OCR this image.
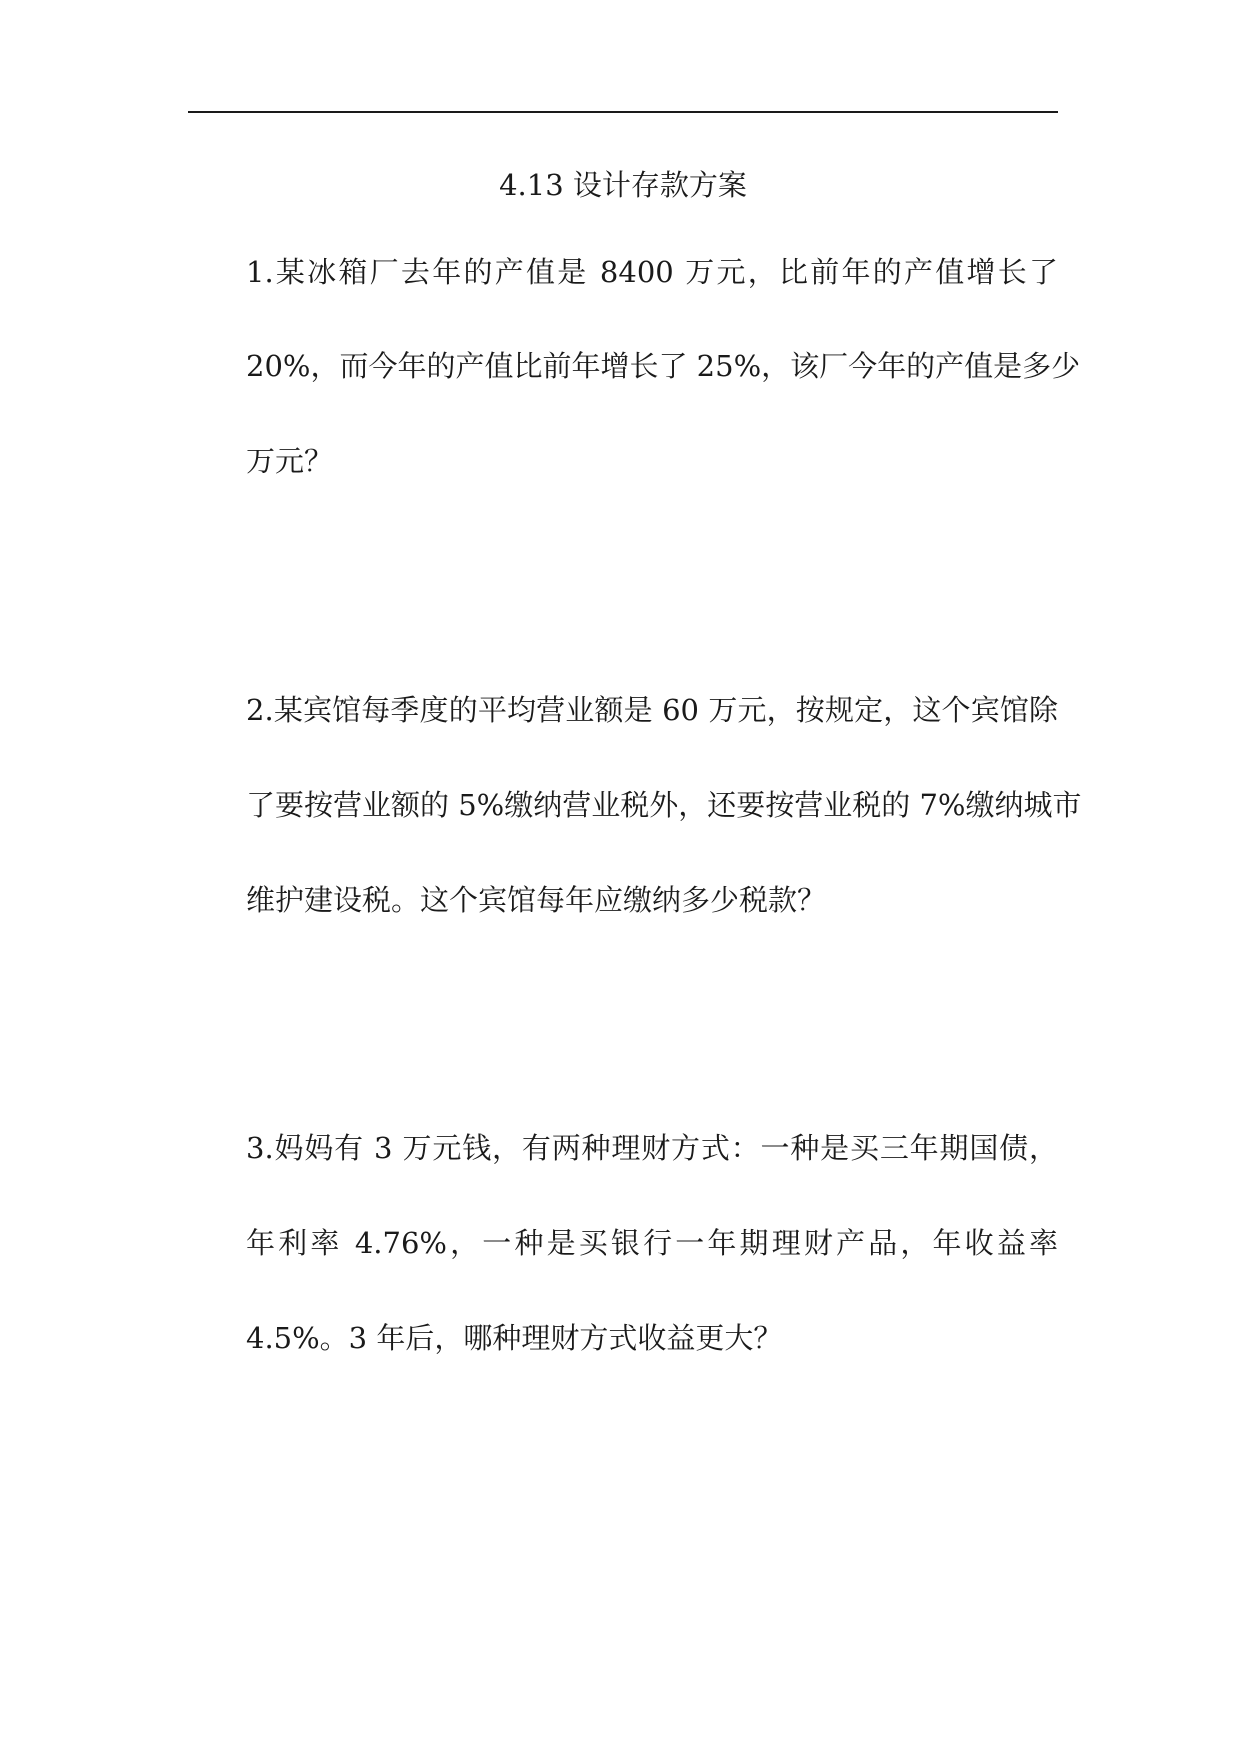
4.13 设计存款方案
1.某冰箱厂去年的产值是 8400 万元，比前年的产值增长了
20%，而今年的产值比前年增长了 25%，该厂今年的产值是多少
万元？
2.某宾馆每季度的平均营业额是 60 万元，按规定，这个宾馆除
了要按营业额的 5%缴纳营业税外，还要按营业税的 7%缴纳城市
维护建设税。这个宾馆每年应缴纳多少税款？
3.妈妈有 3 万元钱，有两种理财方式：一种是买三年期国债，
年利率 4.76%，一种是买银行一年期理财产品，年收益率
4.5%。3 年后，哪种理财方式收益更大？
